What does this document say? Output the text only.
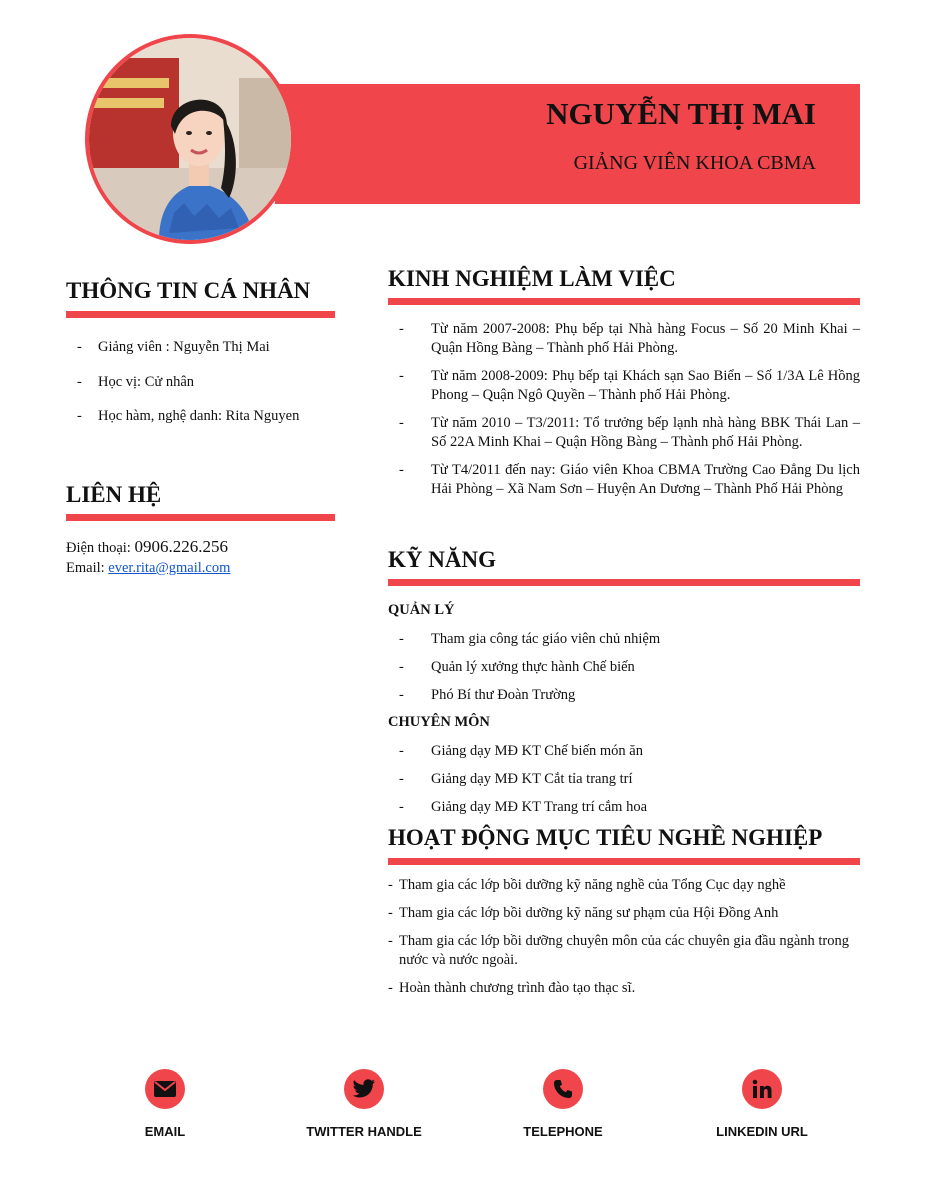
NGUYỄN THỊ MAI
GIẢNG VIÊN KHOA CBMA
THÔNG TIN CÁ NHÂN
- Giảng viên : Nguyễn Thị Mai
- Học vị: Cử nhân
- Học hàm, nghệ danh: Rita Nguyen
LIÊN HỆ
Điện thoại: 0906.226.256
Email: ever.rita@gmail.com
KINH NGHIỆM LÀM VIỆC
- Từ năm 2007-2008: Phụ bếp tại Nhà hàng Focus – Số 20 Minh Khai – Quận Hồng Bàng – Thành phố Hải Phòng.
- Từ năm 2008-2009: Phụ bếp tại Khách sạn Sao Biển – Số 1/3A Lê Hồng Phong – Quận Ngô Quyền – Thành phố Hải Phòng.
- Từ năm 2010 – T3/2011: Tổ trưởng bếp lạnh nhà hàng BBK Thái Lan – Số 22A Minh Khai – Quận Hồng Bàng – Thành phố Hải Phòng.
- Từ T4/2011 đến nay: Giáo viên Khoa CBMA Trường Cao Đẳng Du lịch Hải Phòng – Xã Nam Sơn – Huyện An Dương – Thành Phố Hải Phòng
KỸ NĂNG
QUẢN LÝ
- Tham gia công tác giáo viên chủ nhiệm
- Quản lý xưởng thực hành Chế biến
- Phó Bí thư Đoàn Trường
CHUYÊN MÔN
- Giảng dạy MĐ KT Chế biến món ăn
- Giảng dạy MĐ KT Cắt tỉa trang trí
- Giảng dạy MĐ KT Trang trí cắm hoa
HOẠT ĐỘNG MỤC TIÊU NGHỀ NGHIỆP
- Tham gia các lớp bồi dưỡng kỹ năng nghề của Tổng Cục dạy nghề
- Tham gia các lớp bồi dưỡng kỹ năng sư phạm của Hội Đồng Anh
- Tham gia các lớp bồi dưỡng chuyên môn của các chuyên gia đầu ngành trong nước và nước ngoài.
- Hoàn thành chương trình đào tạo thạc sĩ.
EMAIL	TWITTER HANDLE	TELEPHONE	LINKEDIN URL
